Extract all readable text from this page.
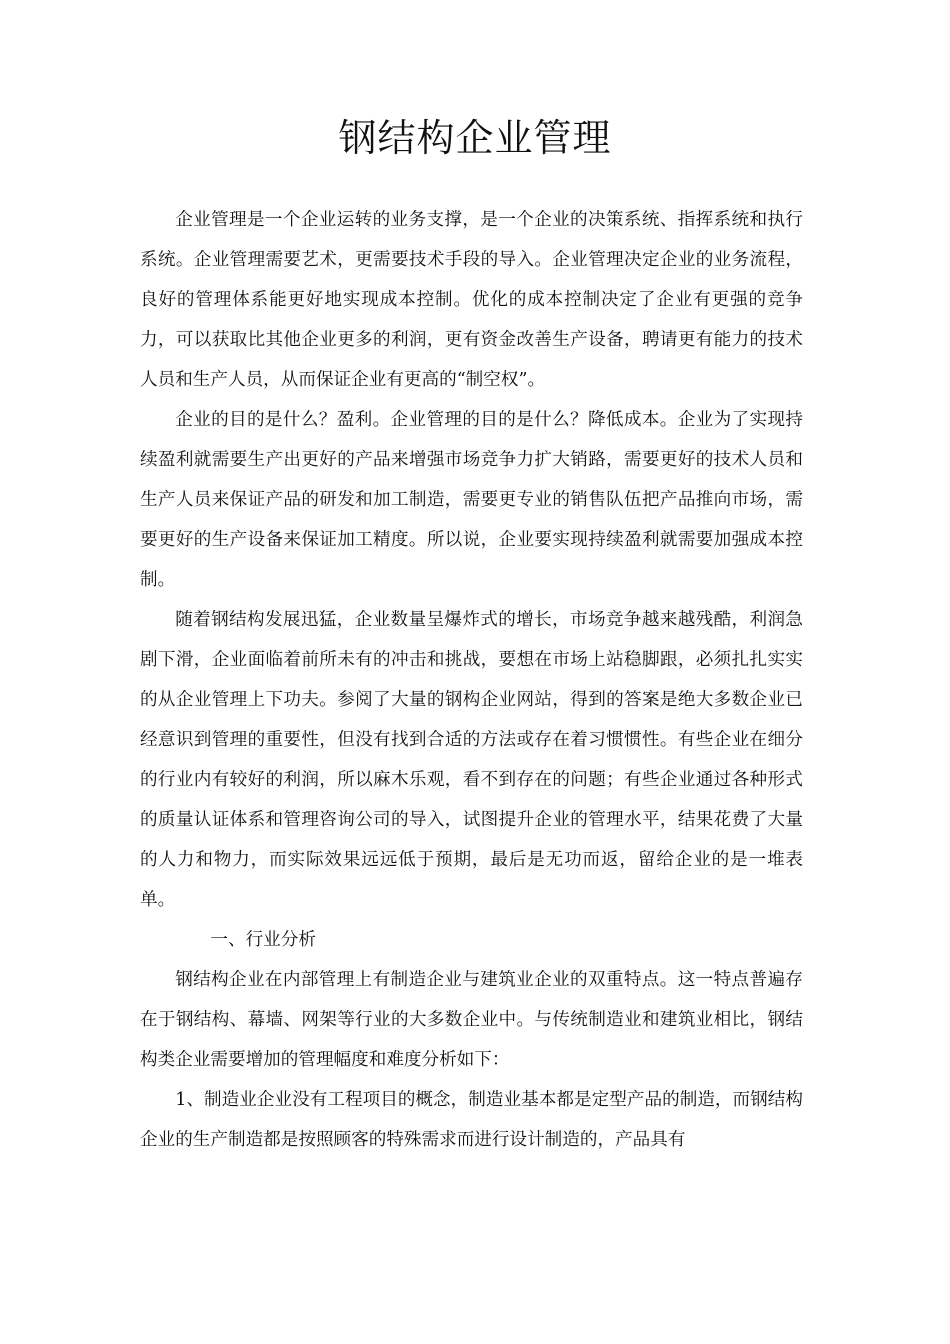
钢结构企业管理

企业管理是一个企业运转的业务支撑，是一个企业的决策系统、指挥系统和执行系统。企业管理需要艺术，更需要技术手段的导入。企业管理决定企业的业务流程，良好的管理体系能更好地实现成本控制。优化的成本控制决定了企业有更强的竞争力，可以获取比其他企业更多的利润，更有资金改善生产设备，聘请更有能力的技术人员和生产人员，从而保证企业有更高的“制空权”。

企业的目的是什么？盈利。企业管理的目的是什么？降低成本。企业为了实现持续盈利就需要生产出更好的产品来增强市场竞争力扩大销路，需要更好的技术人员和生产人员来保证产品的研发和加工制造，需要更专业的销售队伍把产品推向市场，需要更好的生产设备来保证加工精度。所以说，企业要实现持续盈利就需要加强成本控制。

随着钢结构发展迅猛，企业数量呈爆炸式的增长，市场竞争越来越残酷，利润急剧下滑，企业面临着前所未有的冲击和挑战，要想在市场上站稳脚跟，必须扎扎实实的从企业管理上下功夫。参阅了大量的钢构企业网站，得到的答案是绝大多数企业已经意识到管理的重要性，但没有找到合适的方法或存在着习惯惯性。有些企业在细分的行业内有较好的利润，所以麻木乐观，看不到存在的问题；有些企业通过各种形式的质量认证体系和管理咨询公司的导入，试图提升企业的管理水平，结果花费了大量的人力和物力，而实际效果远远低于预期，最后是无功而返，留给企业的是一堆表单。

一、行业分析

钢结构企业在内部管理上有制造企业与建筑业企业的双重特点。这一特点普遍存在于钢结构、幕墙、网架等行业的大多数企业中。与传统制造业和建筑业相比，钢结构类企业需要增加的管理幅度和难度分析如下：

1、制造业企业没有工程项目的概念，制造业基本都是定型产品的制造，而钢结构企业的生产制造都是按照顾客的特殊需求而进行设计制造的，产品具有
